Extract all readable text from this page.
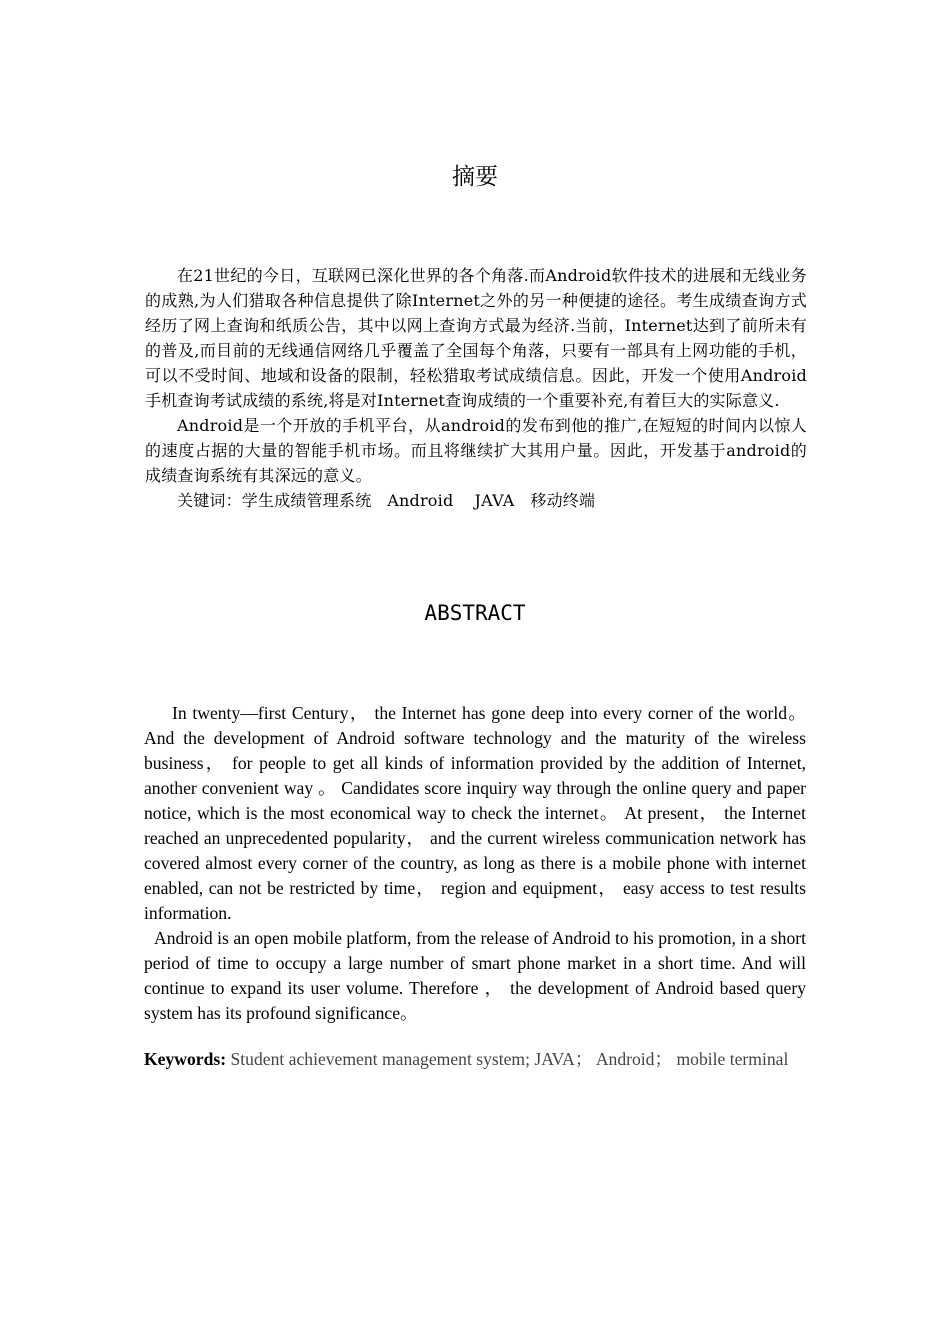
摘要

在21世纪的今日，互联网已深化世界的各个角落.而Android软件技术的进展和无线业务的成熟,为人们猎取各种信息提供了除Internet之外的另一种便捷的途径。考生成绩查询方式经历了网上查询和纸质公告，其中以网上查询方式最为经济.当前，Internet达到了前所未有的普及,而目前的无线通信网络几乎覆盖了全国每个角落，只要有一部具有上网功能的手机，可以不受时间、地域和设备的限制，轻松猎取考试成绩信息。因此，开发一个使用Android手机查询考试成绩的系统,将是对Internet查询成绩的一个重要补充,有着巨大的实际意义.

Android是一个开放的手机平台，从android的发布到他的推广,在短短的时间内以惊人的速度占据的大量的智能手机市场。而且将继续扩大其用户量。因此，开发基于android的成绩查询系统有其深远的意义。

关键词：学生成绩管理系统   Android    JAVA   移动终端

ABSTRACT

In twenty—first Century， the Internet has gone deep into every corner of the world。 And the development of Android software technology and the maturity of the wireless business， for people to get all kinds of information provided by the addition of Internet, another convenient way 。 Candidates score inquiry way through the online query and paper notice, which is the most economical way to check the internet。 At present， the Internet reached an unprecedented popularity， and the current wireless communication network has covered almost every corner of the country, as long as there is a mobile phone with internet enabled, can not be restricted by time， region and equipment， easy access to test results information.

Android is an open mobile platform, from the release of Android to his promotion, in a short period of time to occupy a large number of smart phone market in a short time. And will continue to expand its user volume. Therefore ， the development of Android based query system has its profound significance。

Keywords: Student achievement management system; JAVA； Android； mobile terminal
